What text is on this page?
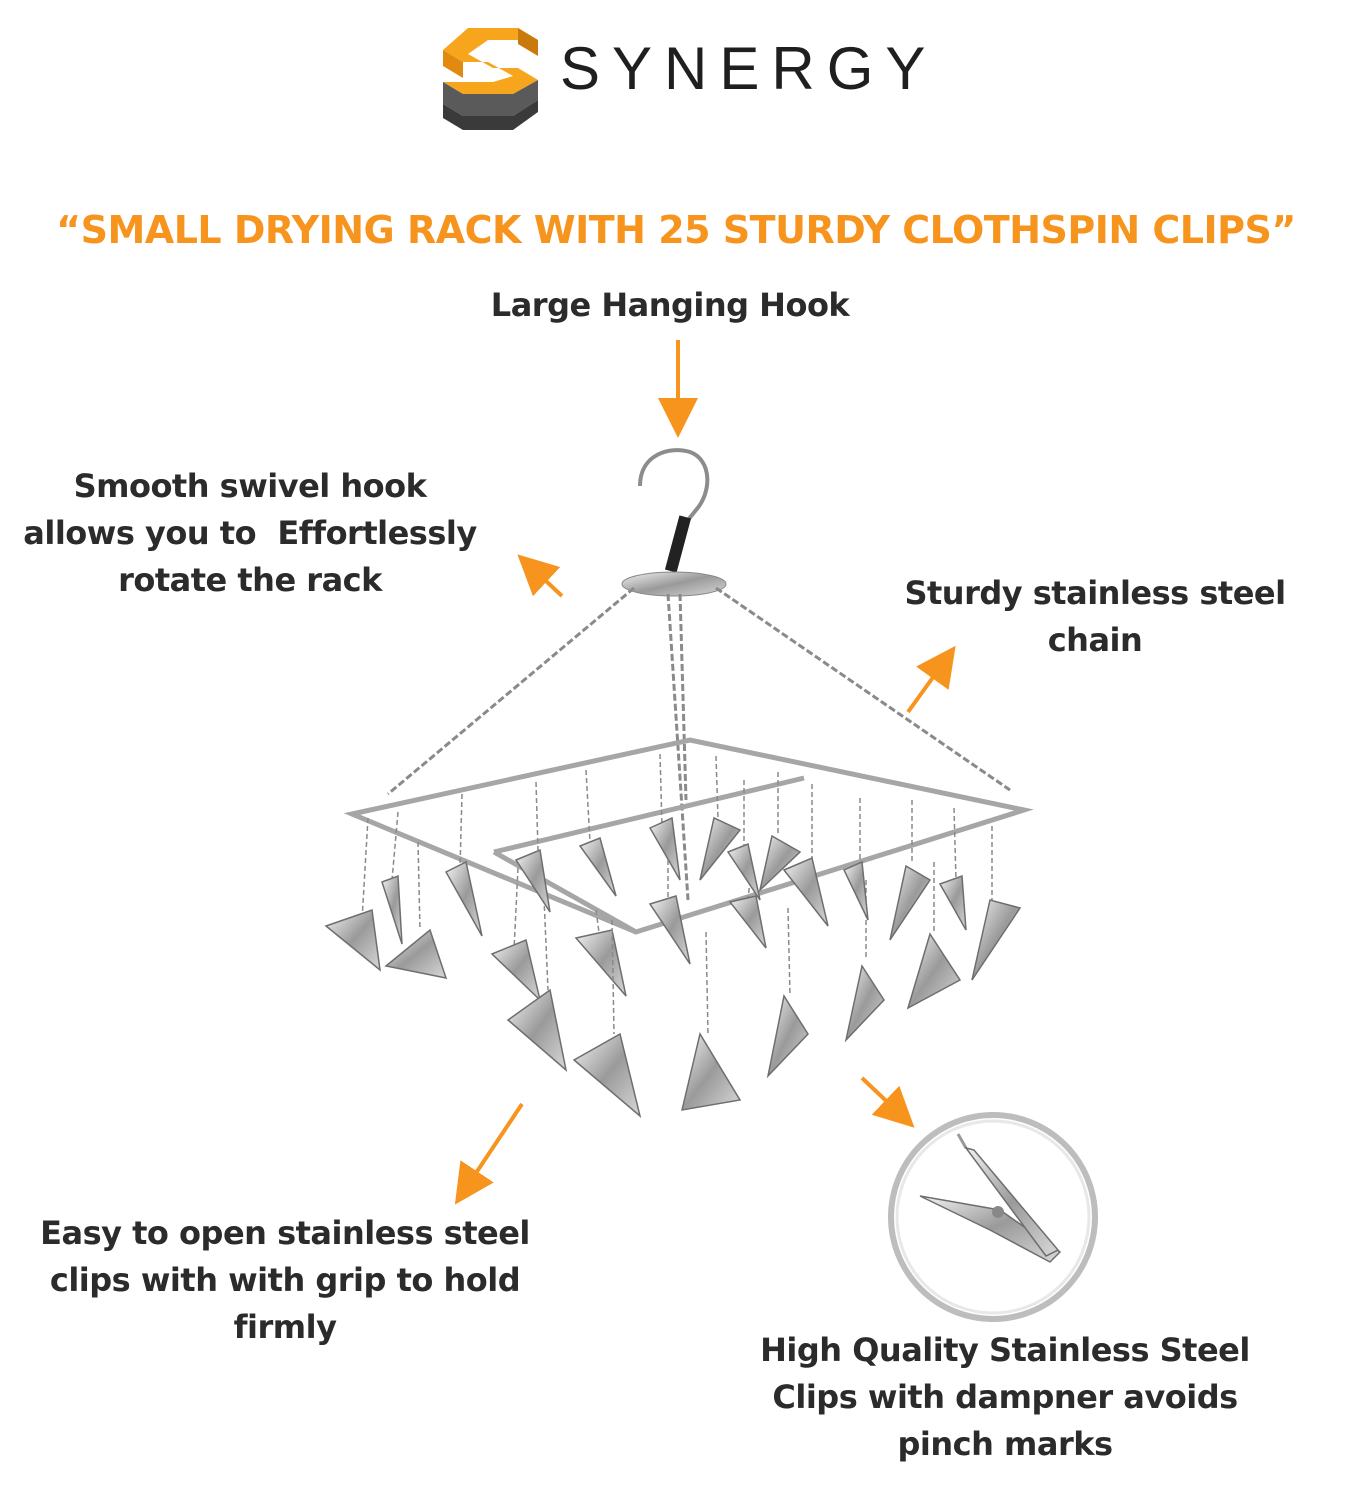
SYNERGY
“SMALL DRYING RACK WITH 25 STURDY CLOTHSPIN CLIPS”
Large Hanging Hook
Smooth swivel hook
allows you to  Effortlessly
rotate the rack	Sturdy stainless steel
chain
Easy to open stainless steel
clips with with grip to hold
firmly
High Quality Stainless Steel
Clips with dampner avoids
pinch marks
